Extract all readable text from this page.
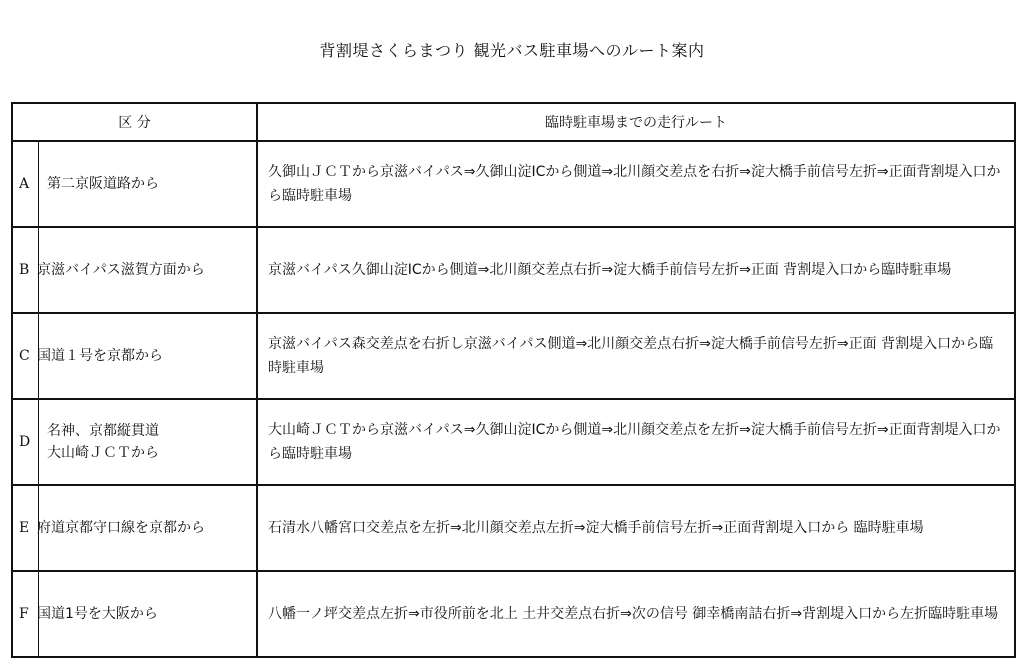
背割堤さくらまつり 観光バス駐車場へのルート案内
区 分	臨時駐車場までの走行ルート

A 第二京阪道路から	久御山ＪＣＴから京滋バイパス⇒久御山淀ICから側道⇒北川顔交差点を右折⇒淀大橋手前信号左折⇒正面背割堤入口から臨時駐車場

B 京滋バイパス滋賀方面から	京滋バイパス久御山淀ICから側道⇒北川顔交差点右折⇒淀大橋手前信号左折⇒正面 背割堤入口から臨時駐車場

C 国道１号を京都から	京滋バイパス森交差点を右折し京滋バイパス側道⇒北川顔交差点右折⇒淀大橋手前信号左折⇒正面 背割堤入口から臨時駐車場

D
名神、京都縦貫道
大山崎ＪＣＴから	大山崎ＪＣＴから京滋バイパス⇒久御山淀ICから側道⇒北川顔交差点を左折⇒淀大橋手前信号左折⇒正面背割堤入口から臨時駐車場

E 府道京都守口線を京都から	石清水八幡宮口交差点を左折⇒北川顔交差点左折⇒淀大橋手前信号左折⇒正面背割堤入口から 臨時駐車場

F 国道1号を大阪から	八幡一ノ坪交差点左折⇒市役所前を北上 土井交差点右折⇒次の信号 御幸橋南詰右折⇒背割堤入口から左折臨時駐車場
